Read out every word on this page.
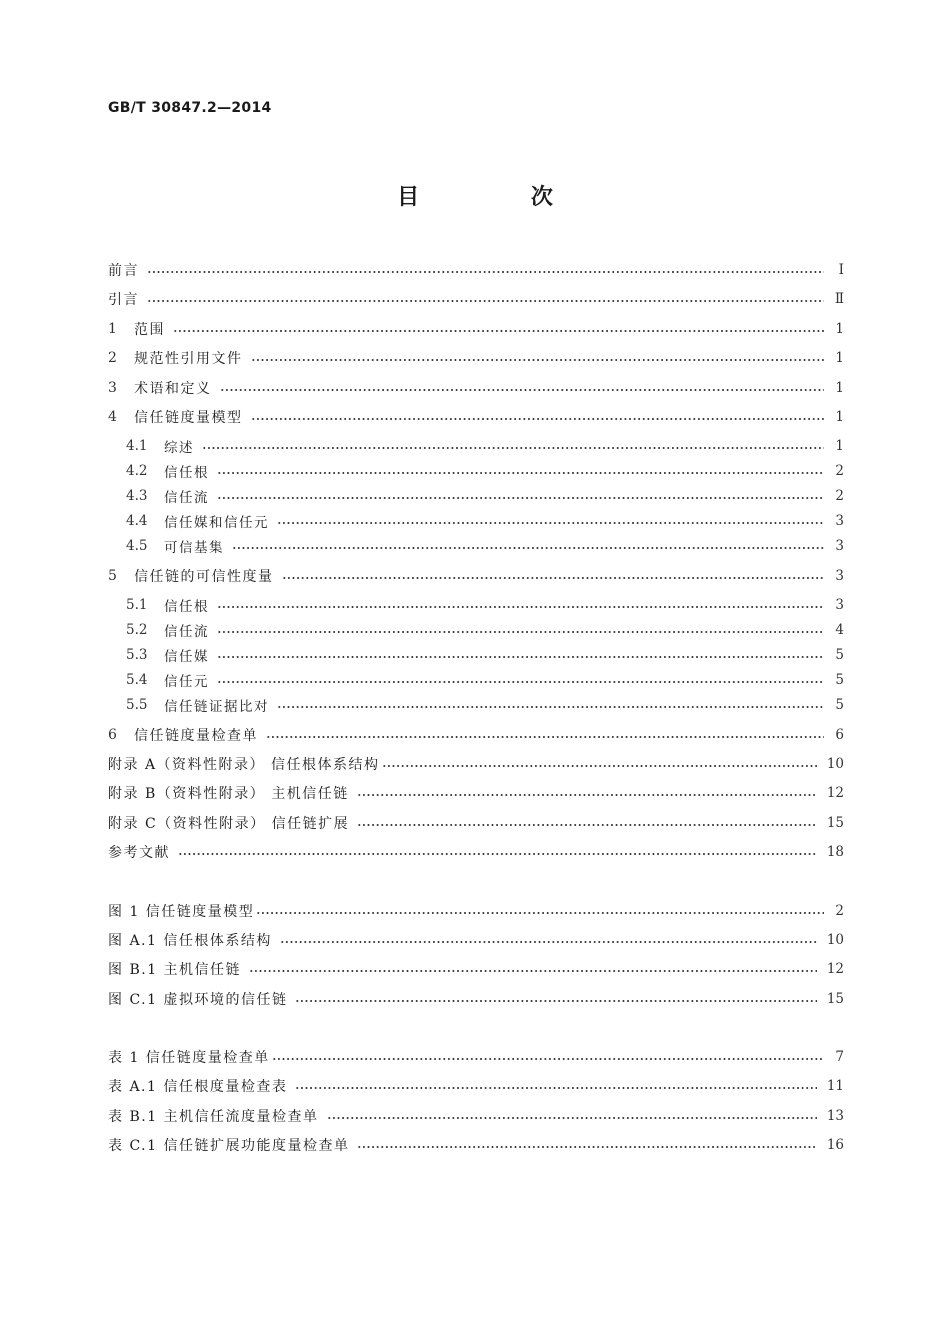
GB/T 30847.2—2014
目 次
前言	Ⅰ
引言	Ⅱ
1	范围	1
2	规范性引用文件	1
3	术语和定义	1
4	信任链度量模型	1
4.1	综述	1
4.2	信任根	2
4.3	信任流	2
4.4	信任媒和信任元	3
4.5	可信基集	3
5	信任链的可信性度量	3
5.1	信任根	3
5.2	信任流	4
5.3	信任媒	5
5.4	信任元	5
5.5	信任链证据比对	5
6	信任链度量检查单	6
附录 A（资料性附录） 信任根体系结构	10
附录 B（资料性附录） 主机信任链	12
附录 C（资料性附录） 信任链扩展	15
参考文献	18
图 1 信任链度量模型	2
图 A.1 信任根体系结构	10
图 B.1 主机信任链	12
图 C.1 虚拟环境的信任链	15
表 1 信任链度量检查单	7
表 A.1 信任根度量检查表	11
表 B.1 主机信任流度量检查单	13
表 C.1 信任链扩展功能度量检查单	16
